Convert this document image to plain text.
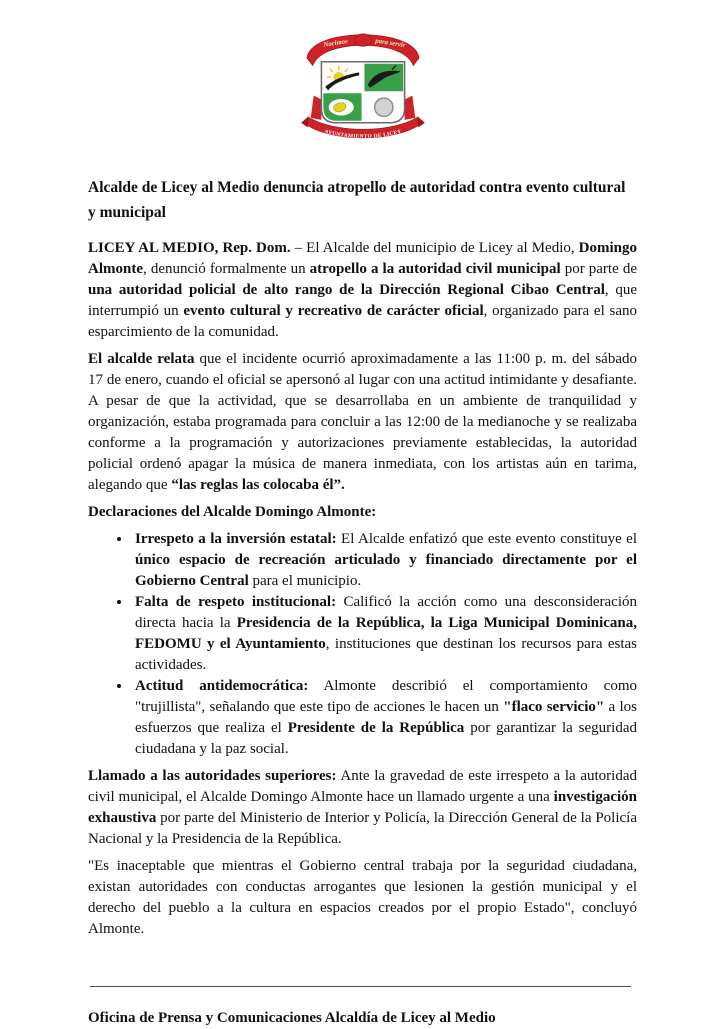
Nacimos	para servir
AYUNTAMIENTO DE LICEY
Alcalde de Licey al Medio denuncia atropello de autoridad contra evento cultural y municipal

LICEY AL MEDIO, Rep. Dom. – El Alcalde del municipio de Licey al Medio, Domingo Almonte, denunció formalmente un atropello a la autoridad civil municipal por parte de una autoridad policial de alto rango de la Dirección Regional Cibao Central, que interrumpió un evento cultural y recreativo de carácter oficial, organizado para el sano esparcimiento de la comunidad.

El alcalde relata que el incidente ocurrió aproximadamente a las 11:00 p. m. del sábado 17 de enero, cuando el oficial se apersonó al lugar con una actitud intimidante y desafiante. A pesar de que la actividad, que se desarrollaba en un ambiente de tranquilidad y organización, estaba programada para concluir a las 12:00 de la medianoche y se realizaba conforme a la programación y autorizaciones previamente establecidas, la autoridad policial ordenó apagar la música de manera inmediata, con los artistas aún en tarima, alegando que “las reglas las colocaba él”.

Declaraciones del Alcalde Domingo Almonte:

• Irrespeto a la inversión estatal: El Alcalde enfatizó que este evento constituye el único espacio de recreación articulado y financiado directamente por el Gobierno Central para el municipio.
• Falta de respeto institucional: Calificó la acción como una desconsideración directa hacia la Presidencia de la República, la Liga Municipal Dominicana, FEDOMU y el Ayuntamiento, instituciones que destinan los recursos para estas actividades.
• Actitud antidemocrática: Almonte describió el comportamiento como "trujillista", señalando que este tipo de acciones le hacen un "flaco servicio" a los esfuerzos que realiza el Presidente de la República por garantizar la seguridad ciudadana y la paz social.

Llamado a las autoridades superiores: Ante la gravedad de este irrespeto a la autoridad civil municipal, el Alcalde Domingo Almonte hace un llamado urgente a una investigación exhaustiva por parte del Ministerio de Interior y Policía, la Dirección General de la Policía Nacional y la Presidencia de la República.

"Es inaceptable que mientras el Gobierno central trabaja por la seguridad ciudadana, existan autoridades con conductas arrogantes que lesionen la gestión municipal y el derecho del pueblo a la cultura en espacios creados por el propio Estado", concluyó Almonte.

Oficina de Prensa y Comunicaciones Alcaldía de Licey al Medio
